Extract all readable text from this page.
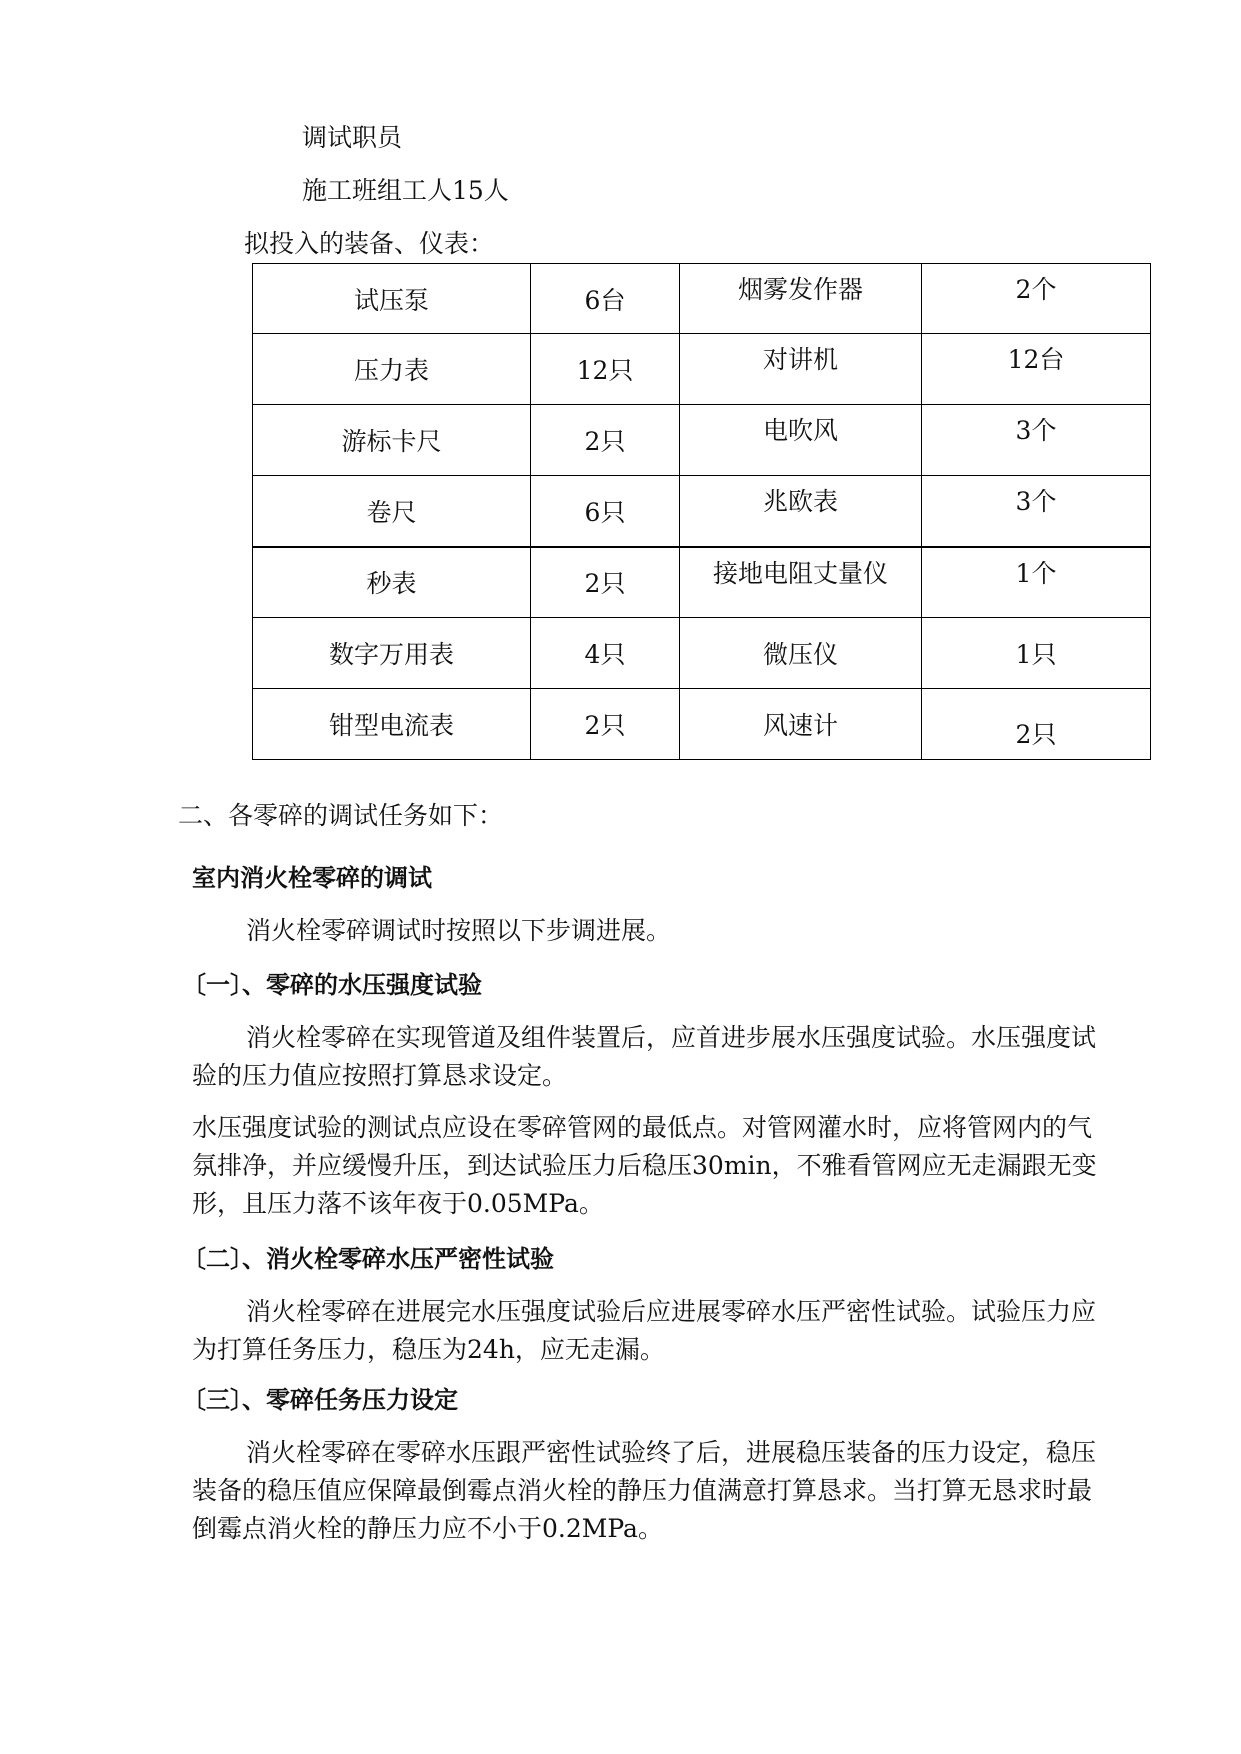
调试职员
施工班组工人15人
拟投入的装备、仪表：
试压泵	6台	烟雾发作器	2个
压力表	12只	对讲机	12台
游标卡尺	2只	电吹风	3个
卷尺	6只	兆欧表	3个
秒表	2只	接地电阻丈量仪	1个
数字万用表	4只	微压仪	1只
钳型电流表	2只	风速计	2只
二、各零碎的调试任务如下：
室内消火栓零碎的调试
消火栓零碎调试时按照以下步调进展。
〔一〕、零碎的水压强度试验
消火栓零碎在实现管道及组件装置后，应首进步展水压强度试验。水压强度试
验的压力值应按照打算恳求设定。
水压强度试验的测试点应设在零碎管网的最低点。对管网灌水时，应将管网内的气
氛排净，并应缓慢升压，到达试验压力后稳压30min，不雅看管网应无走漏跟无变
形，且压力落不该年夜于0.05MPa。
〔二〕、消火栓零碎水压严密性试验
消火栓零碎在进展完水压强度试验后应进展零碎水压严密性试验。试验压力应
为打算任务压力，稳压为24h，应无走漏。
〔三〕、零碎任务压力设定
消火栓零碎在零碎水压跟严密性试验终了后，进展稳压装备的压力设定，稳压
装备的稳压值应保障最倒霉点消火栓的静压力值满意打算恳求。当打算无恳求时最
倒霉点消火栓的静压力应不小于0.2MPa。
